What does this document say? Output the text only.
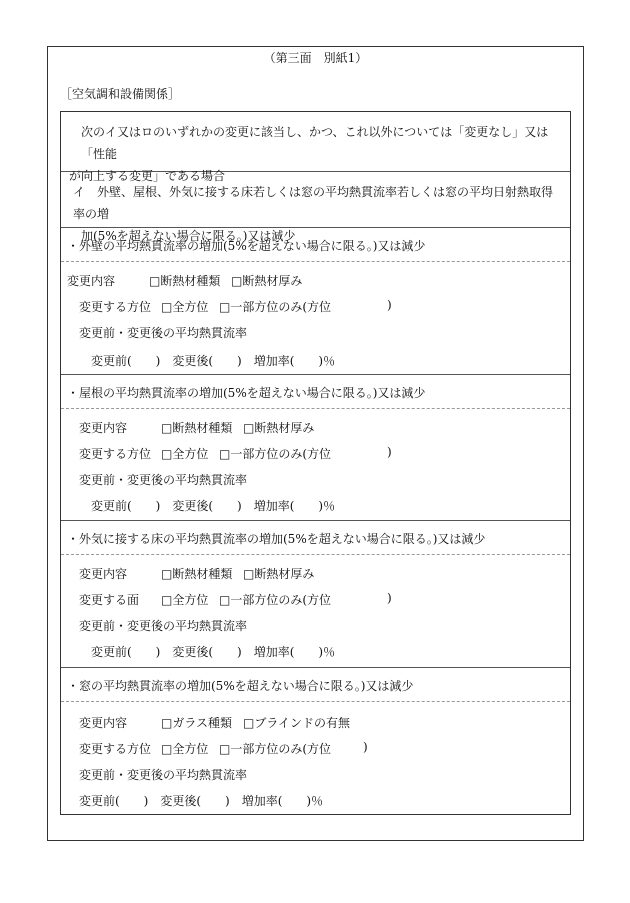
（第三面　別紙1）
［空気調和設備関係］
次のイ又はロのいずれかの変更に該当し、かつ、これ以外については「変更なし」又は「性能
が向上する変更」である場合
イ　外壁、屋根、外気に接する床若しくは窓の平均熱貫流率若しくは窓の平均日射熱取得率の増
加(5%を超えない場合に限る。)又は減少
・外壁の平均熱貫流率の増加(5%を超えない場合に限る。)又は減少
変更内容	□断熱材種類 □断熱材厚み
変更する方位 □全方位 □一部方位のみ(方位	)
変更前・変更後の平均熱貫流率
変更前(　　)　変更後(　　)　増加率(　　)％
・屋根の平均熱貫流率の増加(5%を超えない場合に限る。)又は減少
変更内容	□断熱材種類 □断熱材厚み
変更する方位 □全方位 □一部方位のみ(方位	)
変更前・変更後の平均熱貫流率
変更前(　　)　変更後(　　)　増加率(　　)％
・外気に接する床の平均熱貫流率の増加(5%を超えない場合に限る。)又は減少
変更内容	□断熱材種類 □断熱材厚み
変更する面 □全方位 □一部方位のみ(方位	)
変更前・変更後の平均熱貫流率
変更前(　　)　変更後(　　)　増加率(　　)％
・窓の平均熱貫流率の増加(5%を超えない場合に限る。)又は減少
変更内容	□ガラス種類 □ブラインドの有無
変更する方位 □全方位 □一部方位のみ(方位	)
変更前・変更後の平均熱貫流率
変更前(　　)　変更後(　　)　増加率(　　)％
